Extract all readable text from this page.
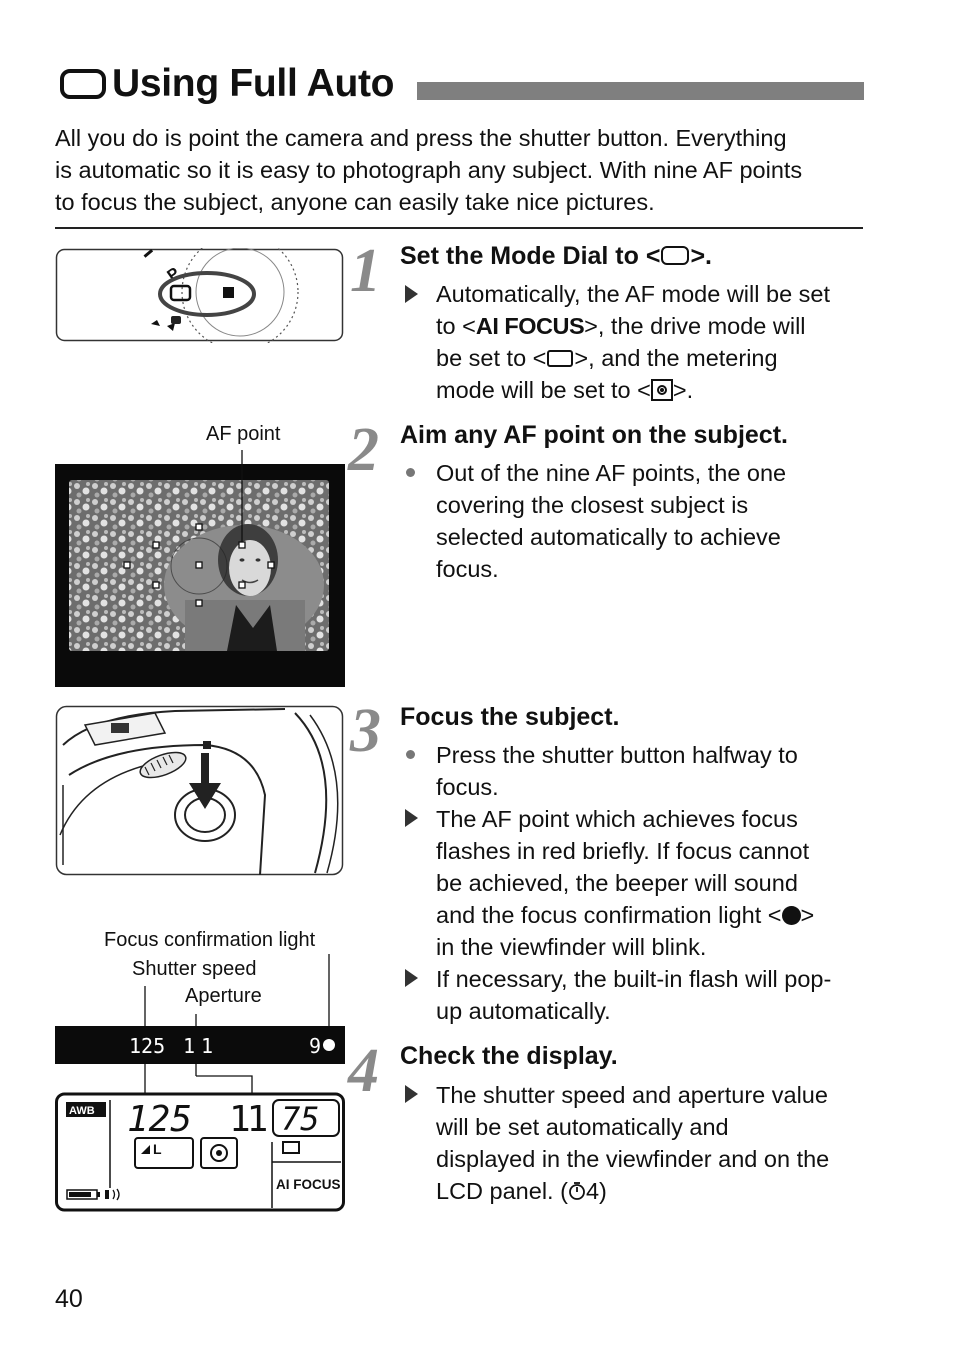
Using Full Auto
All you do is point the camera and press the shutter button. Everything
is automatic so it is easy to photograph any subject. With nine AF points
to focus the subject, anyone can easily take nice pictures.
P	1 Set the Mode Dial to < >.
Automatically, the AF mode will be set
to <AI FOCUS>, the drive mode will
be set to < >, and the metering
mode will be set to < >.
AF point 2 Aim any AF point on the subject.
Out of the nine AF points, the one
covering the closest subject is
selected automatically to achieve
focus.
3 Focus the subject.
Press the shutter button halfway to
focus.
The AF point which achieves focus
flashes in red briefly. If focus cannot
be achieved, the beeper will sound
and the focus confirmation light < >
in the viewfinder will blink.
If necessary, the built-in flash will pop-
up automatically.
Focus confirmation light
Shutter speed
Aperture
125 11	9
AWB 125 11 75
L
AI FOCUS
4 Check the display.
The shutter speed and aperture value
will be set automatically and
displayed in the viewfinder and on the
LCD panel. ( 4)
40
